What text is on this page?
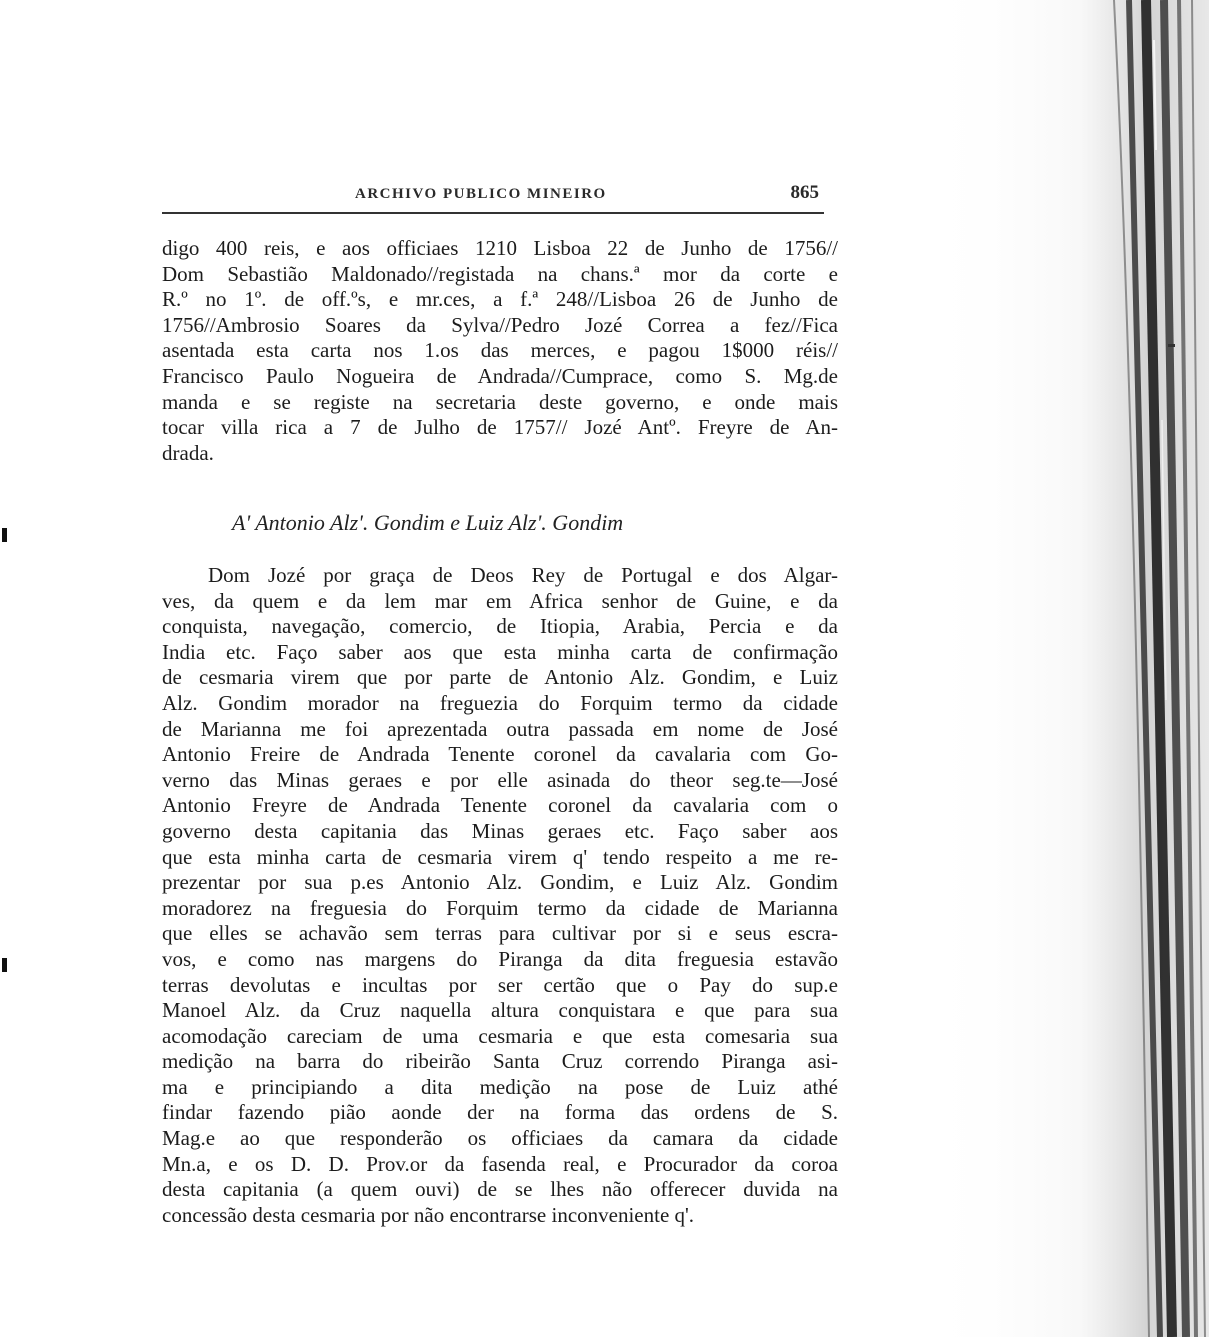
ARCHIVO PUBLICO MINEIRO	865
digo 400 reis, e aos officiaes 1210 Lisboa 22 de Junho de 1756//
Dom Sebastião Maldonado//registada na chans.ª mor da corte e
R.º no 1º. de off.ºs, e mr.ces, a f.ª 248//Lisboa 26 de Junho de
1756//Ambrosio Soares da Sylva//Pedro Jozé Correa a fez//Fica
asentada esta carta nos 1.os das merces, e pagou 1$000 réis//
Francisco Paulo Nogueira de Andrada//Cumprace, como S. Mg.de
manda e se registe na secretaria deste governo, e onde mais
tocar villa rica a 7 de Julho de 1757// Jozé Antº. Freyre de An-
drada.
A' Antonio Alz'. Gondim e Luiz Alz'. Gondim
Dom Jozé por graça de Deos Rey de Portugal e dos Algar-
ves, da quem e da lem mar em Africa senhor de Guine, e da
conquista, navegação, comercio, de Itiopia, Arabia, Percia e da
India etc. Faço saber aos que esta minha carta de confirmação
de cesmaria virem que por parte de Antonio Alz. Gondim, e Luiz
Alz. Gondim morador na freguezia do Forquim termo da cidade
de Marianna me foi aprezentada outra passada em nome de José
Antonio Freire de Andrada Tenente coronel da cavalaria com Go-
verno das Minas geraes e por elle asinada do theor seg.te—José
Antonio Freyre de Andrada Tenente coronel da cavalaria com o
governo desta capitania das Minas geraes etc. Faço saber aos
que esta minha carta de cesmaria virem q' tendo respeito a me re-
prezentar por sua p.es Antonio Alz. Gondim, e Luiz Alz. Gondim
moradorez na freguesia do Forquim termo da cidade de Marianna
que elles se achavão sem terras para cultivar por si e seus escra-
vos, e como nas margens do Piranga da dita freguesia estavão
terras devolutas e incultas por ser certão que o Pay do sup.e
Manoel Alz. da Cruz naquella altura conquistara e que para sua
acomodação careciam de uma cesmaria e que esta comesaria sua
medição na barra do ribeirão Santa Cruz correndo Piranga asi-
ma e principiando a dita medição na pose de Luiz athé
findar fazendo pião aonde der na forma das ordens de S.
Mag.e ao que responderão os officiaes da camara da cidade
Mn.a, e os D. D. Prov.or da fasenda real, e Procurador da coroa
desta capitania (a quem ouvi) de se lhes não offerecer duvida na
concessão desta cesmaria por não encontrarse inconveniente q'.
